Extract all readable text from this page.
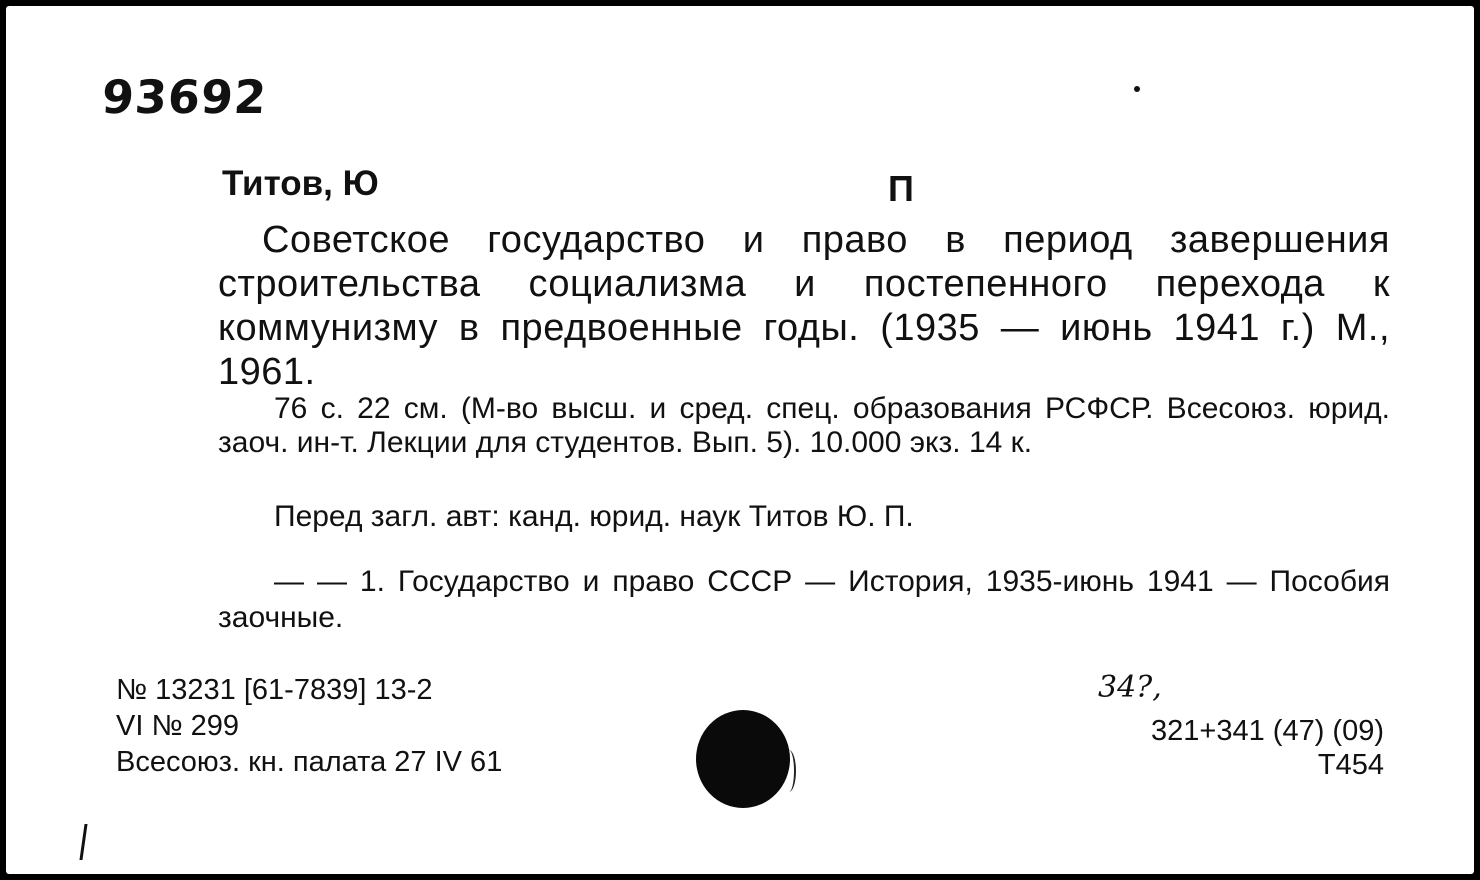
93692
Титов, Ю	П
Советское государство и право в период завершения строительства социализма и постепенного перехода к коммунизму в предвоенные годы. (1935 — июнь 1941 г.) М., 1961.
76 с. 22 см. (М-во высш. и сред. спец. образования РСФСР. Всесоюз. юрид. заоч. ин-т. Лекции для студентов. Вып. 5). 10.000 экз. 14 к.
Перед загл. авт: канд. юрид. наук Титов Ю. П.
— — 1. Государство и право СССР — История, 1935-июнь 1941 — Пособия заочные.
№ 13231 [61-7839] 13-2
VI № 299
Всесоюз. кн. палата 27 IV 61
34?,
321+341 (47) (09)
T454
